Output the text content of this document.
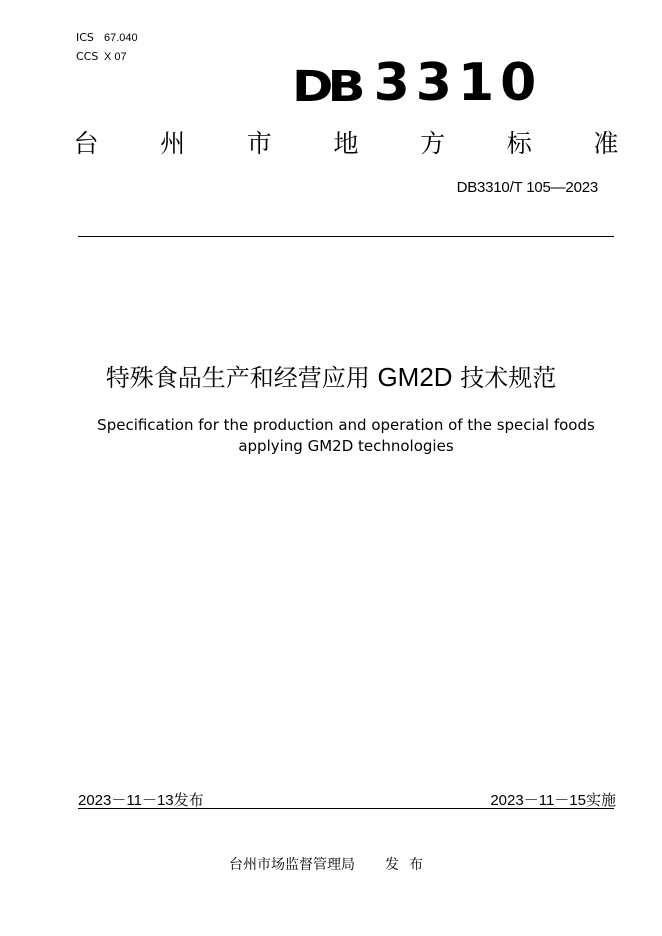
ICS 67.040
CCS X 07
DB 3310
台 州 市 地 方 标 准
DB3310/T 105—2023
特殊食品生产和经营应用 GM2D 技术规范
Specification for the production and operation of the special foods
applying GM2D technologies
2023－11－13发布	2023－11－15实施
台州市场监督管理局 发布
